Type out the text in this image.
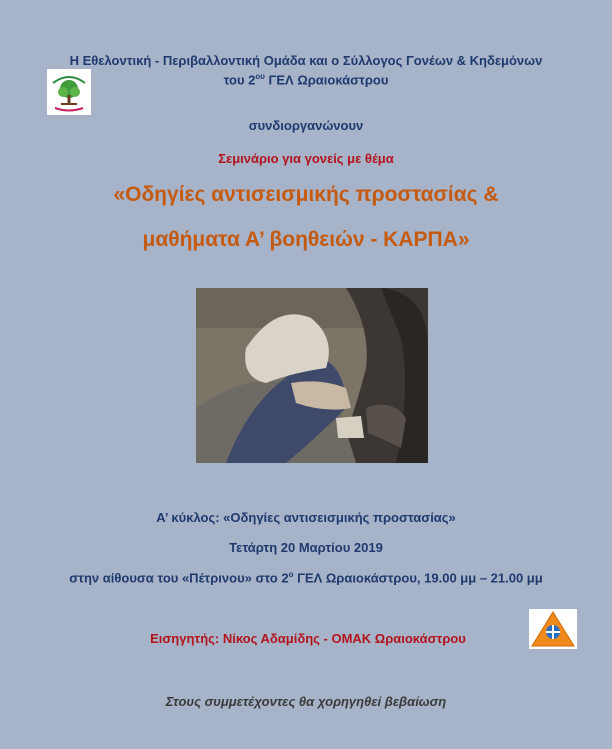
Η Εθελοντική - Περιβαλλοντική Ομάδα και ο Σύλλογος Γονέων & Κηδεμόνων
του $2^{o\upsilon}$ ΓΕΛ Ωραιοκάστρου
συνδιοργανώνουν
Σεμινάριο για γονείς με θέμα
«Οδηγίες αντισεισμικής προστασίας &
μαθήματα Α’ βοηθειών - ΚΑΡΠΑ»
Α’ κύκλος: «Οδηγίες αντισεισμικής προστασίας»
Τετάρτη 20 Μαρτίου 2019
στην αίθουσα του «Πέτρινου» στο $2^o$ ΓΕΛ Ωραιοκάστρου, 19.00 μμ – 21.00 μμ
Εισηγητής: Νίκος Αδαμίδης - ΟΜΑΚ Ωραιοκάστρου
Στους συμμετέχοντες θα χορηγηθεί βεβαίωση
